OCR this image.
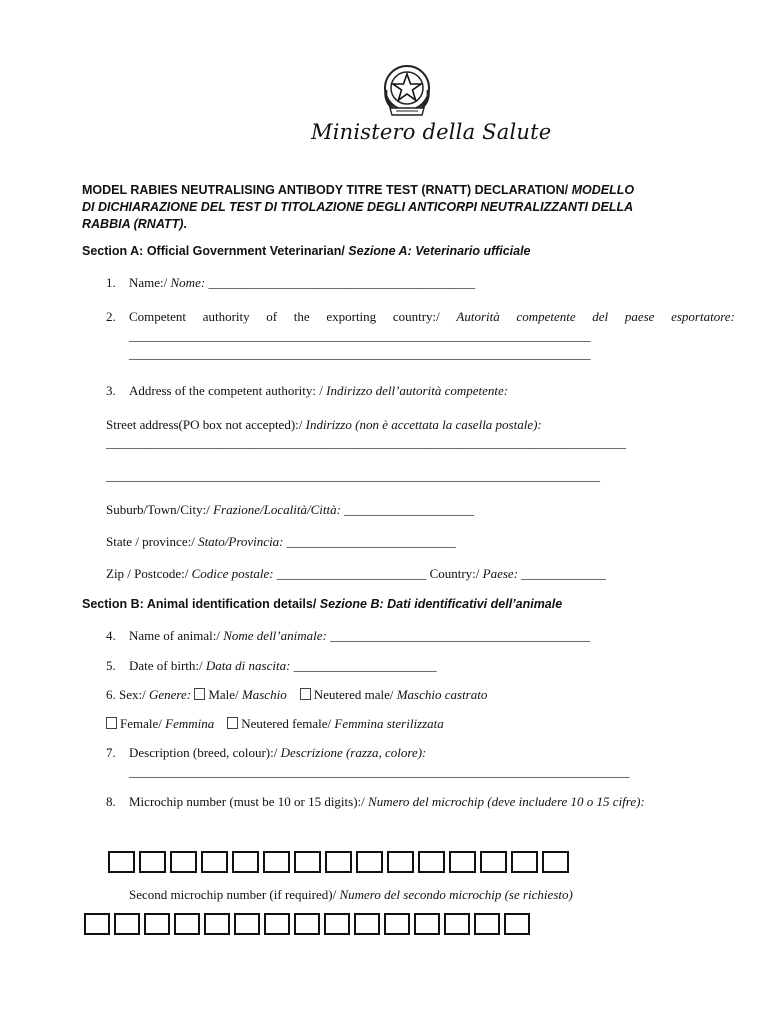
Ministero della Salute
MODEL RABIES NEUTRALISING ANTIBODY TITRE TEST (RNATT) DECLARATION/ MODELLO
DI DICHIARAZIONE DEL TEST DI TITOLAZIONE DEGLI ANTICORPI NEUTRALIZZANTI DELLA
RABBIA (RNATT).
Section A: Official Government Veterinarian/ Sezione A: Veterinario ufficiale
1. Name:/ Nome: _________________________________________
2.	Competent authority of the exporting country:/ Autorità competente del paese esportatore:
_______________________________________________________________________
_______________________________________________________________________
3. Address of the competent authority: / Indirizzo dell’autorità competente:
Street address(PO box not accepted):/ Indirizzo (non è accettata la casella postale):
________________________________________________________________________________
____________________________________________________________________________
Suburb/Town/City:/ Frazione/Località/Città: ____________________
State / province:/ Stato/Provincia: __________________________
Zip / Postcode:/ Codice postale: _______________________ Country:/ Paese: _____________
Section B: Animal identification details/ Sezione B: Dati identificativi dell’animale
4. Name of animal:/ Nome dell’animale: ________________________________________
5. Date of birth:/ Data di nascita: ______________________
6. Sex:/ Genere: Male/ Maschio Neutered male/ Maschio castrato
Female/ Femmina Neutered female/ Femmina sterilizzata
7. Description (breed, colour):/ Descrizione (razza, colore):
_____________________________________________________________________________
8. Microchip number (must be 10 or 15 digits):/ Numero del microchip (deve includere 10 o 15 cifre):
Second microchip number (if required)/ Numero del secondo microchip (se richiesto)
